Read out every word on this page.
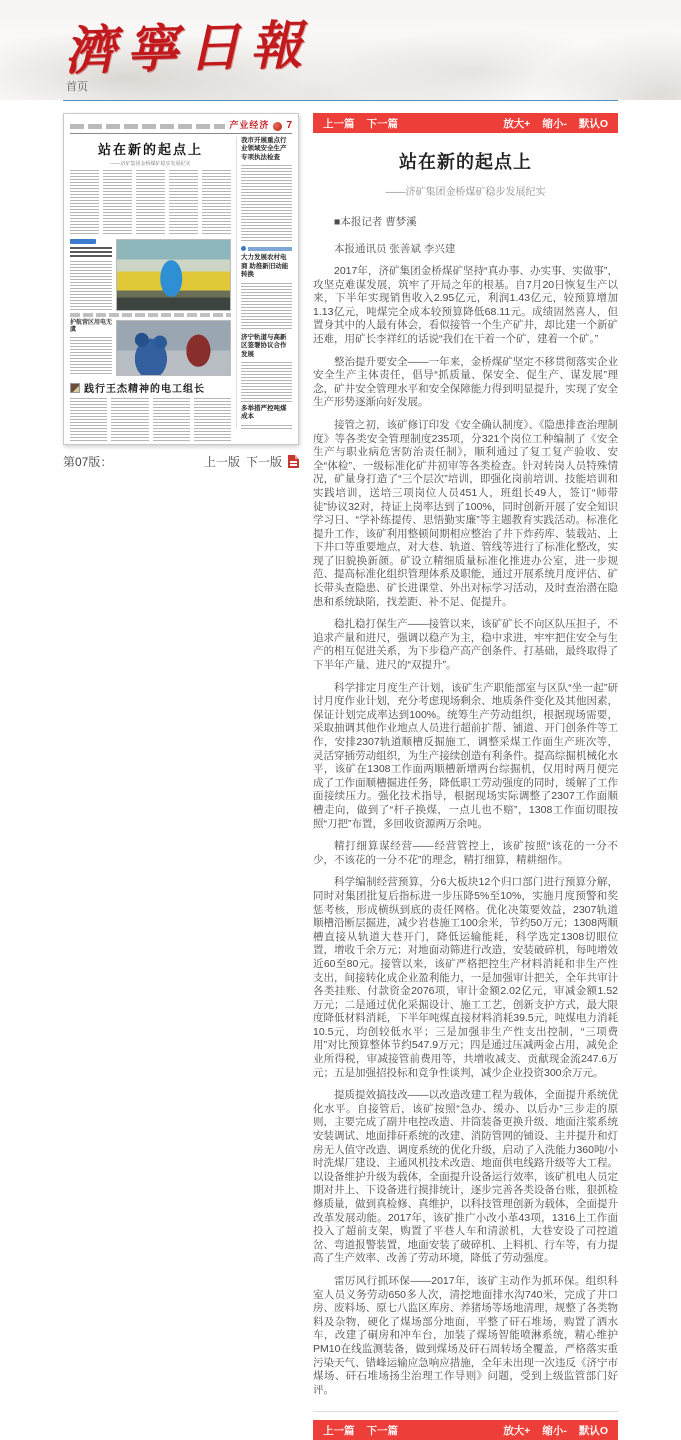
濟寧日報
首页
产业经济 7
站在新的起点上
——济矿集团金桥煤矿稳步发展纪实
护航营区用电无虞
践行王杰精神的电工组长
我市开展重点行业领域安全生产专项执法检查
大力发展农村电商 助推新旧动能转换
济宁轨道与高新区签署协议合作发展
多举措严控吨煤成本
第07版：	上一版 下一版
上一篇 下一篇	放大+ 缩小- 默认O
站在新的起点上
——济矿集团金桥煤矿稳步发展纪实
■本报记者 曹梦溪
本报通讯员 张善斌 李兴建

2017年，济矿集团金桥煤矿坚持“真办事、办实事、实做事”，攻坚克难谋发展，筑牢了开局之年的根基。自7月20日恢复生产以来，下半年实现销售收入2.95亿元，利润1.43亿元，较预算增加1.13亿元，吨煤完全成本较预算降低68.11元。成绩固然喜人，但置身其中的人最有体会，看似接管一个生产矿井，却比建一个新矿还难，用矿长李祥红的话说“我们在干着一个矿，建着一个矿。”

整治提升要安全——一年来，金桥煤矿坚定不移贯彻落实企业安全生产主体责任，倡导“抓质量、保安全、促生产、谋发展”理念，矿井安全管理水平和安全保障能力得到明显提升，实现了安全生产形势逐渐向好发展。

接管之初，该矿修订印发《安全确认制度》、《隐患排查治理制度》等各类安全管理制度235项，分321个岗位工种编制了《安全生产与职业病危害防治责任制》，顺利通过了复工复产验收、安全“体检”、一级标准化矿井初审等各类检查。针对转岗人员特殊情况，矿量身打造了“三个层次”培训，即强化岗前培训、技能培训和实践培训，送培三项岗位人员451人，班组长49人，签订“师带徒”协议32对，持证上岗率达到了100%，同时创新开展了安全知识学习日、“学补练提传、思悟勤实廉”等主题教育实践活动。标准化提升工作，该矿利用整顿间期相应整治了井下炸药库、装载站、上下井口等重要地点，对大巷、轨道、管线等进行了标准化整改，实现了旧貌换新颜。矿设立精细质量标准化推进办公室，进一步规范、提高标准化组织管理体系及职能，通过开展系统月度评估、矿长带头查隐患、矿长进课堂、外出对标学习活动，及时查治潜在隐患和系统缺陷，找差距、补不足、促提升。

稳扎稳打保生产——接管以来，该矿矿长不向区队压担子，不追求产量和进尺，强调以稳产为主，稳中求进，牢牢把住安全与生产的相互促进关系，为下步稳产高产创条件、打基础，最终取得了下半年产量、进尺的“双提升”。

科学排定月度生产计划，该矿生产职能部室与区队“坐一起”研讨月度作业计划，充分考虑现场剩余、地质条件变化及其他因素，保证计划完成率达到100%。统筹生产劳动组织，根据现场需要，采取抽调其他作业地点人员进行超前扩帮、铺道、开门创条件等工作，安排2307轨道顺槽反掘施工，调整采煤工作面生产班次等，灵活穿插劳动组织，为生产接续创造有利条件。提高综掘机械化水平，该矿在1308工作面两顺槽新增两台综掘机，仅用时两月便完成了工作面顺槽掘进任务，降低职工劳动强度的同时，缓解了工作面接续压力。强化技术指导，根据现场实际调整了2307工作面顺槽走向，做到了“杆子换煤，一点儿也不赔”，1308工作面切眼按照“刀把”布置，多回收资源两万余吨。

精打细算谋经营——经营管控上，该矿按照“该花的一分不少，不该花的一分不花”的理念，精打细算，精耕细作。

科学编制经营预算，分6大板块12个归口部门进行预算分解，同时对集团批复后指标进一步压降5%至10%，实施月度预警和奖惩考核，形成横纵到底的责任网格。优化决策要效益，2307轨道顺槽沿断层掘进，减少岩巷施工100余米，节约50万元；1308两顺槽直接从轨道大巷开门，降低运输能耗，科学选定1308切眼位置，增收千余万元；对地面动筛进行改造，安装破碎机，每吨增效近60至80元。接管以来，该矿严格把控生产材料消耗和非生产性支出，间接转化成企业盈利能力，一是加强审计把关，全年共审计各类挂账、付款资金2076项，审计金额2.02亿元，审减金额1.52万元；二是通过优化采掘设计、施工工艺，创新支护方式，最大限度降低材料消耗，下半年吨煤直接材料消耗39.5元，吨煤电力消耗10.5元，均创较低水平；三是加强非生产性支出控制，“三项费用”对比预算整体节约547.9万元；四是通过压减两金占用，减免企业所得税，审减接管前费用等，共增收减支、贡献现金流247.6万元；五是加强招投标和竞争性谈判，减少企业投资300余万元。

提质提效搞技改——以改造改建工程为载体，全面提升系统优化水平。自接管后，该矿按照“急办、缓办、以后办”三步走的原则，主要完成了副井电控改造、井筒装备更换升级、地面注浆系统安装调试、地面排矸系统的改建、消防管网的铺设、主井提升和灯房无人值守改造、调度系统的优化升级，启动了入洗能力360吨/小时洗煤厂建设、主通风机技术改造、地面供电线路升级等大工程。以设备维护升级为载体，全面提升设备运行效率，该矿机电人员定期对井上、下设备进行摸排统计，逐步完善各类设备台账，狠抓检修质量，做到真检修、真维护，以科技管理创新为载体，全面提升改革发展动能。2017年，该矿推广小改小革43项，1316上工作面投入了超前支架，购置了平巷人车和清淤机，大巷安设了司控道岔、弯道报警装置，地面安装了破碎机、上料机、行车等，有力提高了生产效率、改善了劳动环境，降低了劳动强度。

雷厉风行抓环保——2017年，该矿主动作为抓环保。组织科室人员义务劳动650多人次，清挖地面排水沟740米，完成了井口房、废料场、原七八监区库房、养猪场等场地清理，规整了各类物料及杂物，硬化了煤场部分地面，平整了矸石堆场，购置了洒水车，改建了硐房和冲车台，加装了煤场智能喷淋系统，精心维护PM10在线监测装备，做到煤场及矸石周转场全覆盖，严格落实重污染天气、错峰运输应急响应措施，全年未出现一次违反《济宁市煤场、矸石堆场扬尘治理工作导则》问题，受到上级监管部门好评。

上一篇 下一篇	放大+ 缩小- 默认O
